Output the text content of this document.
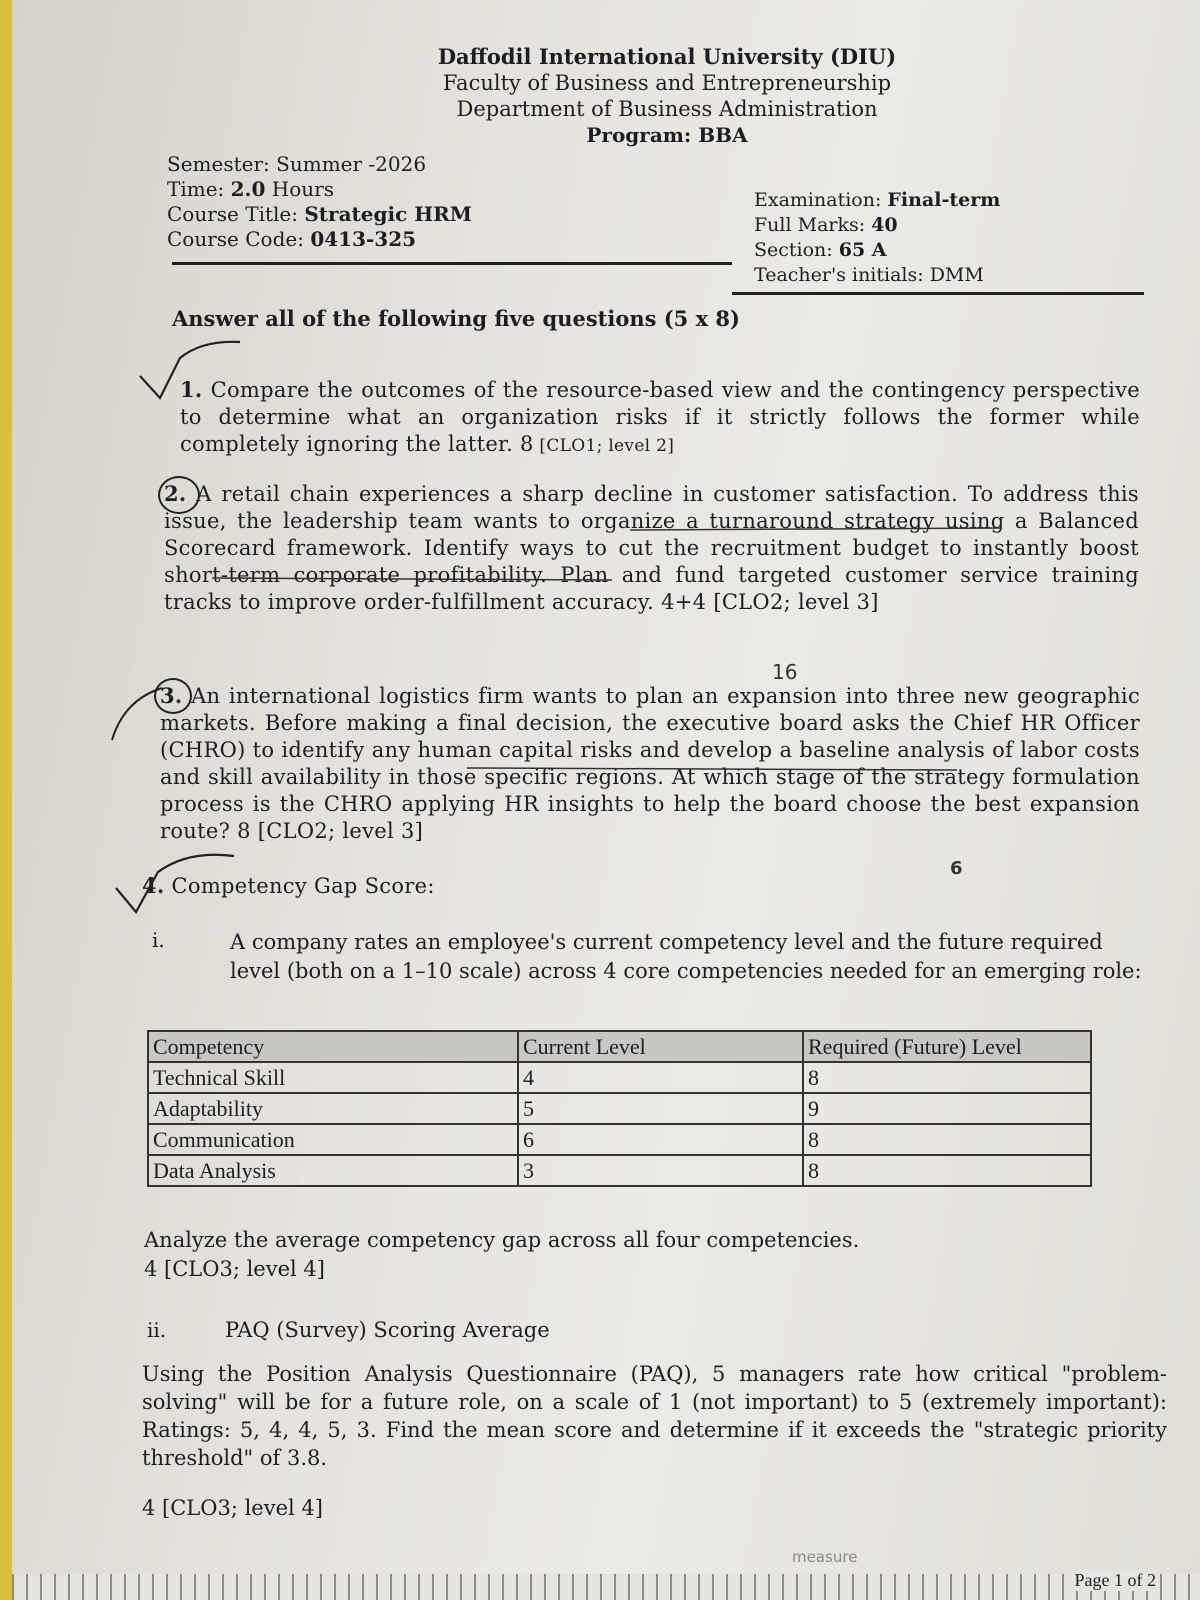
Daffodil International University (DIU)
Faculty of Business and Entrepreneurship
Department of Business Administration
Program: BBA
Semester: Summer -2026
Time: 2.0 Hours
Course Title: Strategic HRM
Course Code: 0413-325
Examination: Final-term
Full Marks: 40
Section: 65 A
Teacher's initials: DMM
Answer all of the following five questions (5 x 8)
1. Compare the outcomes of the resource-based view and the contingency perspective to determine what an organization risks if it strictly follows the former while completely ignoring the latter. 8 [CLO1; level 2]
2. A retail chain experiences a sharp decline in customer satisfaction. To address this issue, the leadership team wants to organize a turnaround strategy using a Balanced Scorecard framework. Identify ways to cut the recruitment budget to instantly boost short-term corporate profitability. Plan and fund targeted customer service training tracks to improve order-fulfillment accuracy. 4+4 [CLO2; level 3]
3. An international logistics firm wants to plan an expansion into three new geographic markets. Before making a final decision, the executive board asks the Chief HR Officer (CHRO) to identify any human capital risks and develop a baseline analysis of labor costs and skill availability in those specific regions. At which stage of the strategy formulation process is the CHRO applying HR insights to help the board choose the best expansion route? 8 [CLO2; level 3]
16
4. Competency Gap Score:
6
i.	A company rates an employee's current competency level and the future required level (both on a 1–10 scale) across 4 core competencies needed for an emerging role:
Competency	Current Level	Required (Future) Level
Technical Skill	4	8
Adaptability	5	9
Communication	6	8
Data Analysis	3	8
Analyze the average competency gap across all four competencies.
4 [CLO3; level 4]
ii.	PAQ (Survey) Scoring Average
Using the Position Analysis Questionnaire (PAQ), 5 managers rate how critical "problem-solving" will be for a future role, on a scale of 1 (not important) to 5 (extremely important): Ratings: 5, 4, 4, 5, 3. Find the mean score and determine if it exceeds the "strategic priority threshold" of 3.8.
4 [CLO3; level 4]
measure
Page 1 of 2
